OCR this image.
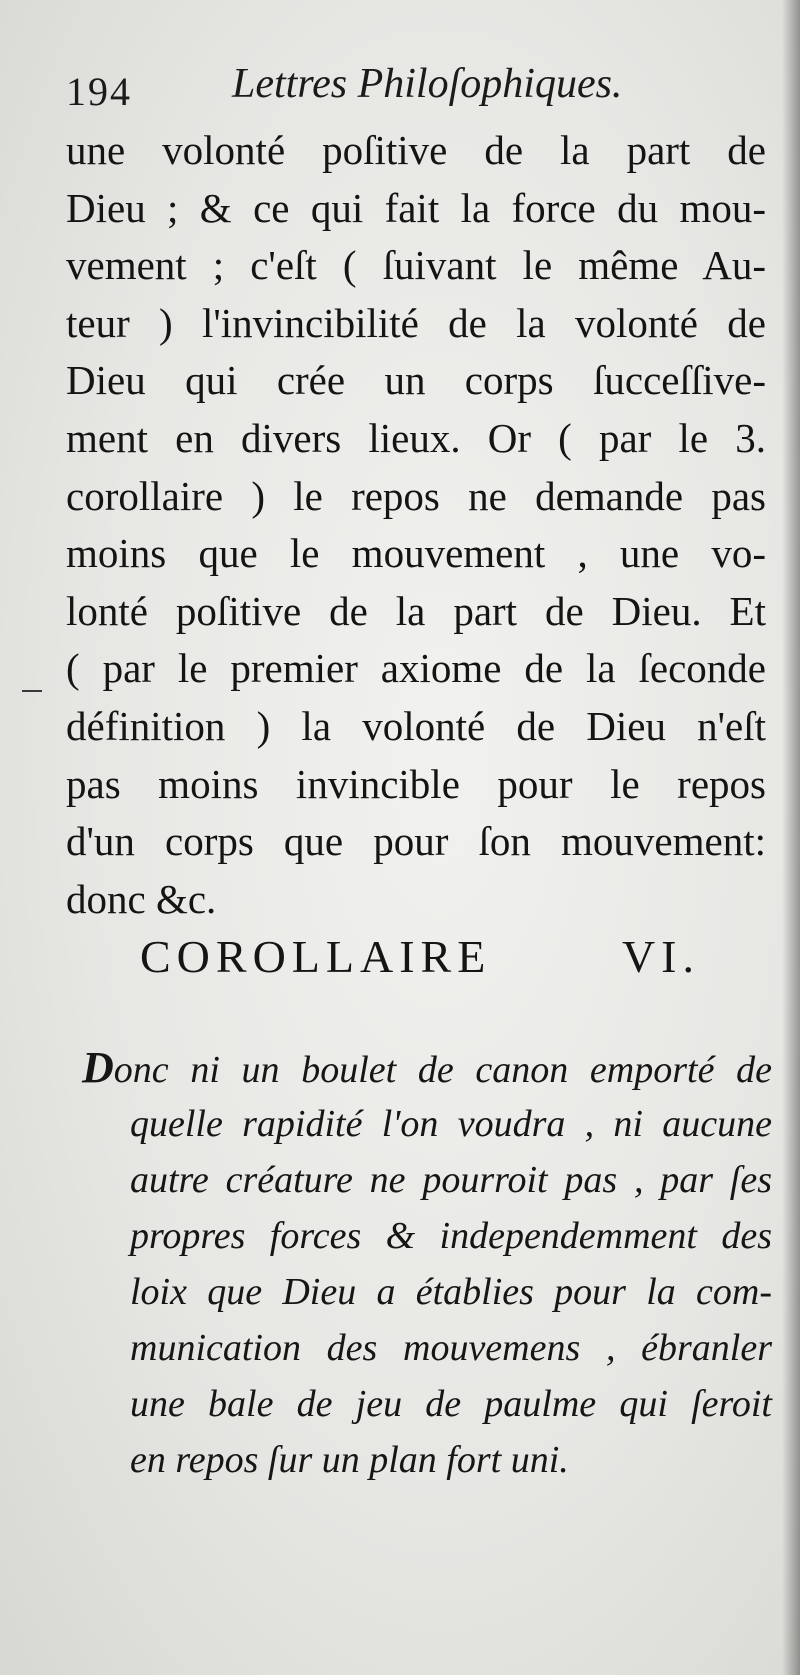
194 Lettres Philoſophiques.
une volonté poſitive de la part de
Dieu ; & ce qui fait la force du mou-
vement ; c'eſt ( ſuivant le même Au-
teur ) l'invincibilité de la volonté de
Dieu qui crée un corps ſucceſſive-
ment en divers lieux. Or ( par le 3.
corollaire ) le repos ne demande pas
moins que le mouvement , une vo-
lonté poſitive de la part de Dieu. Et
( par le premier axiome de la ſeconde
définition ) la volonté de Dieu n'eſt
pas moins invincible pour le repos
d'un corps que pour ſon mouvement:
donc &c.
COROLLAIRE	VI.
Donc ni un boulet de canon emporté de
quelle rapidité l'on voudra , ni aucune
autre créature ne pourroit pas , par ſes
propres forces & independemment des
loix que Dieu a établies pour la com-
munication des mouvemens , ébranler
une bale de jeu de paulme qui ſeroit
en repos ſur un plan fort uni.
